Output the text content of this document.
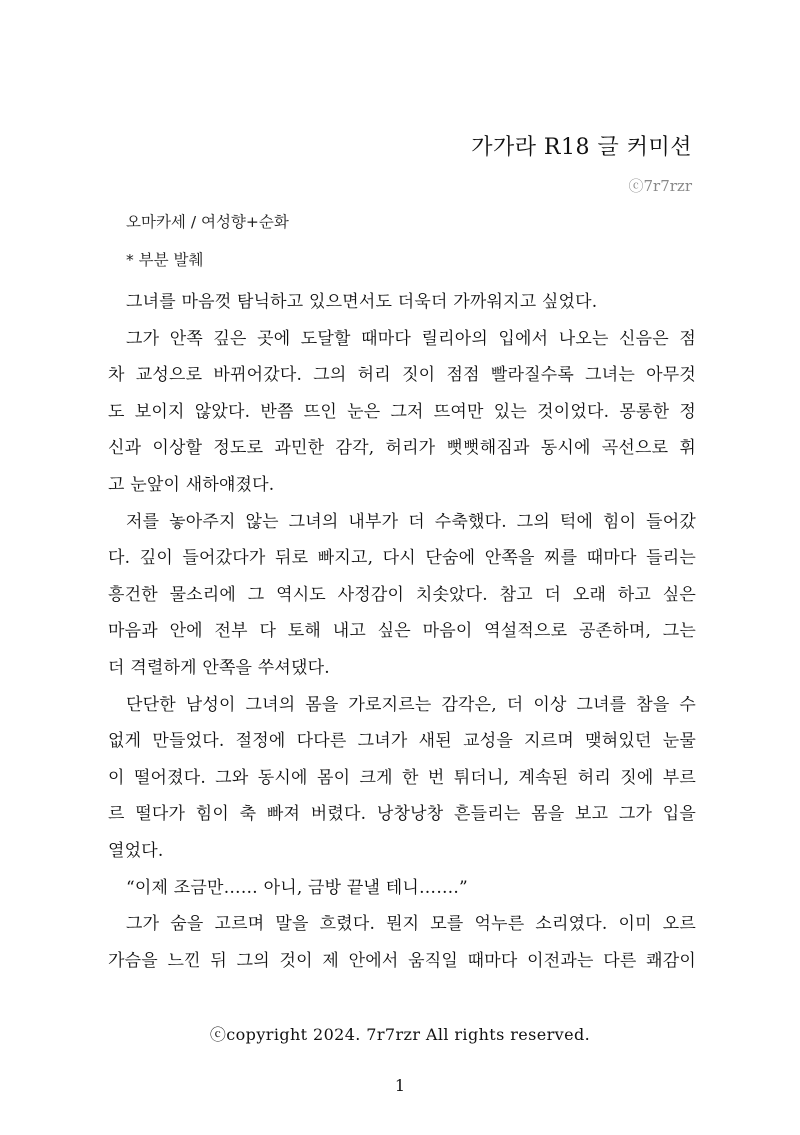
가가라 R18 글 커미션
ⓒ7r7rzr
오마카세 / 여성향+순화
* 부분 발췌
그녀를 마음껏 탐닉하고 있으면서도 더욱더 가까워지고 싶었다.
그가 안쪽 깊은 곳에 도달할 때마다 릴리아의 입에서 나오는 신음은 점
차 교성으로 바뀌어갔다. 그의 허리 짓이 점점 빨라질수록 그녀는 아무것
도 보이지 않았다. 반쯤 뜨인 눈은 그저 뜨여만 있는 것이었다. 몽롱한 정
신과 이상할 정도로 과민한 감각, 허리가 뻣뻣해짐과 동시에 곡선으로 휘
고 눈앞이 새하얘졌다.
저를 놓아주지 않는 그녀의 내부가 더 수축했다. 그의 턱에 힘이 들어갔
다. 깊이 들어갔다가 뒤로 빠지고, 다시 단숨에 안쪽을 찌를 때마다 들리는
흥건한 물소리에 그 역시도 사정감이 치솟았다. 참고 더 오래 하고 싶은
마음과 안에 전부 다 토해 내고 싶은 마음이 역설적으로 공존하며, 그는
더 격렬하게 안쪽을 쑤셔댔다.
단단한 남성이 그녀의 몸을 가로지르는 감각은, 더 이상 그녀를 참을 수
없게 만들었다. 절정에 다다른 그녀가 새된 교성을 지르며 맺혀있던 눈물
이 떨어졌다. 그와 동시에 몸이 크게 한 번 튀더니, 계속된 허리 짓에 부르
르 떨다가 힘이 축 빠져 버렸다. 낭창낭창 흔들리는 몸을 보고 그가 입을
열었다.
“이제 조금만…… 아니, 금방 끝낼 테니…….”
그가 숨을 고르며 말을 흐렸다. 뭔지 모를 억누른 소리였다. 이미 오르
가슴을 느낀 뒤 그의 것이 제 안에서 움직일 때마다 이전과는 다른 쾌감이
ⓒcopyright 2024. 7r7rzr All rights reserved.
1
